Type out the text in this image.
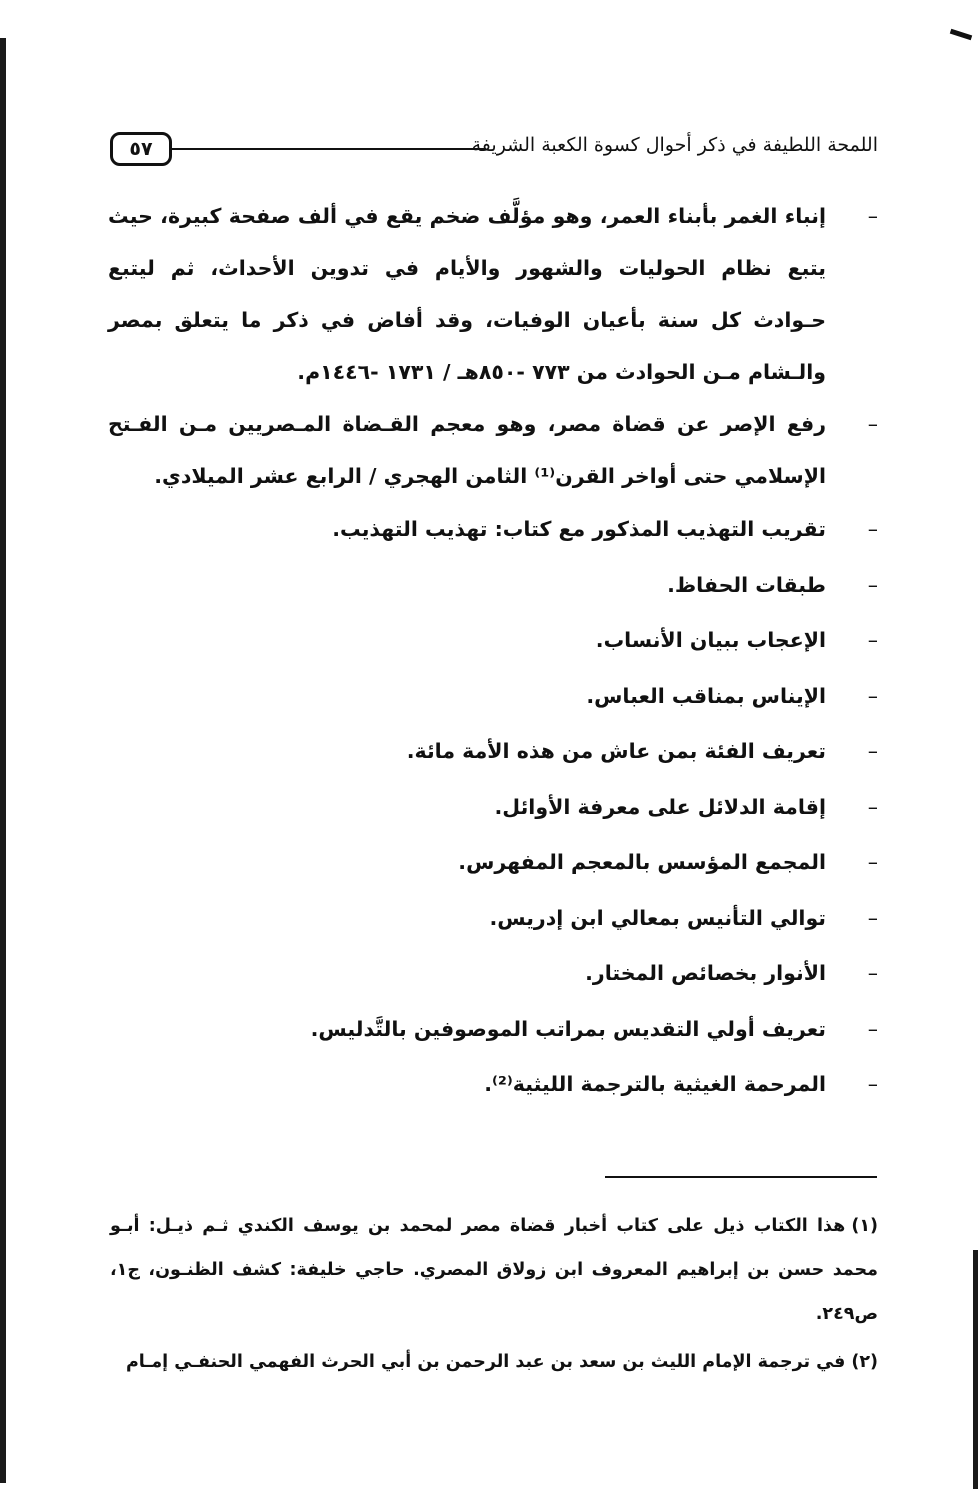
٥٧	اللمحة اللطيفة في ذكر أحوال كسوة الكعبة الشريفة
–
إنباء الغمر بأبناء العمر، وهو مؤلَّف ضخم يقع في ألف صفحة كبيرة، حيث يتبع نظام الحوليات والشهور والأيام في تدوين الأحداث، ثم ليتبع حـوادث كل سنة بأعيان الوفيات، وقد أفاض في ذكر ما يتعلق بمصر والـشام مـن الحوادث من ٧٧٣ -٨٥٠هـ / ١٧٣١ -١٤٤٦م.
–
رفع الإصر عن قضاة مصر، وهو معجم القـضاة المـصريين مـن الفـتح الإسلامي حتى أواخر القرن⁽¹⁾ الثامن الهجري / الرابع عشر الميلادي.
–
تقريب التهذيب المذكور مع كتاب: تهذيب التهذيب.
–
طبقات الحفاظ.
–
الإعجاب ببيان الأنساب.
–
الإيناس بمناقب العباس.
–
تعريف الفئة بمن عاش من هذه الأمة مائة.
–
إقامة الدلائل على معرفة الأوائل.
–
المجمع المؤسس بالمعجم المفهرس.
–
توالي التأنيس بمعالي ابن إدريس.
–
الأنوار بخصائص المختار.
–
تعريف أولي التقديس بمراتب الموصوفين بالتَّدليس.
–
المرحمة الغيثية بالترجمة الليثية⁽²⁾.

(١)هذا الكتاب ذيل على كتاب أخبار قضاة مصر لمحمد بن يوسف الكندي ثـم ذيـل: أبـو محمد حسن بن إبراهيم المعروف ابن زولاق المصري. حاجي خليفة: كشف الظنـون، ج١، ص٢٤٩.

(٢)في ترجمة الإمام الليث بن سعد بن عبد الرحمن بن أبي الحرث الفهمي الحنفـي إمـام
